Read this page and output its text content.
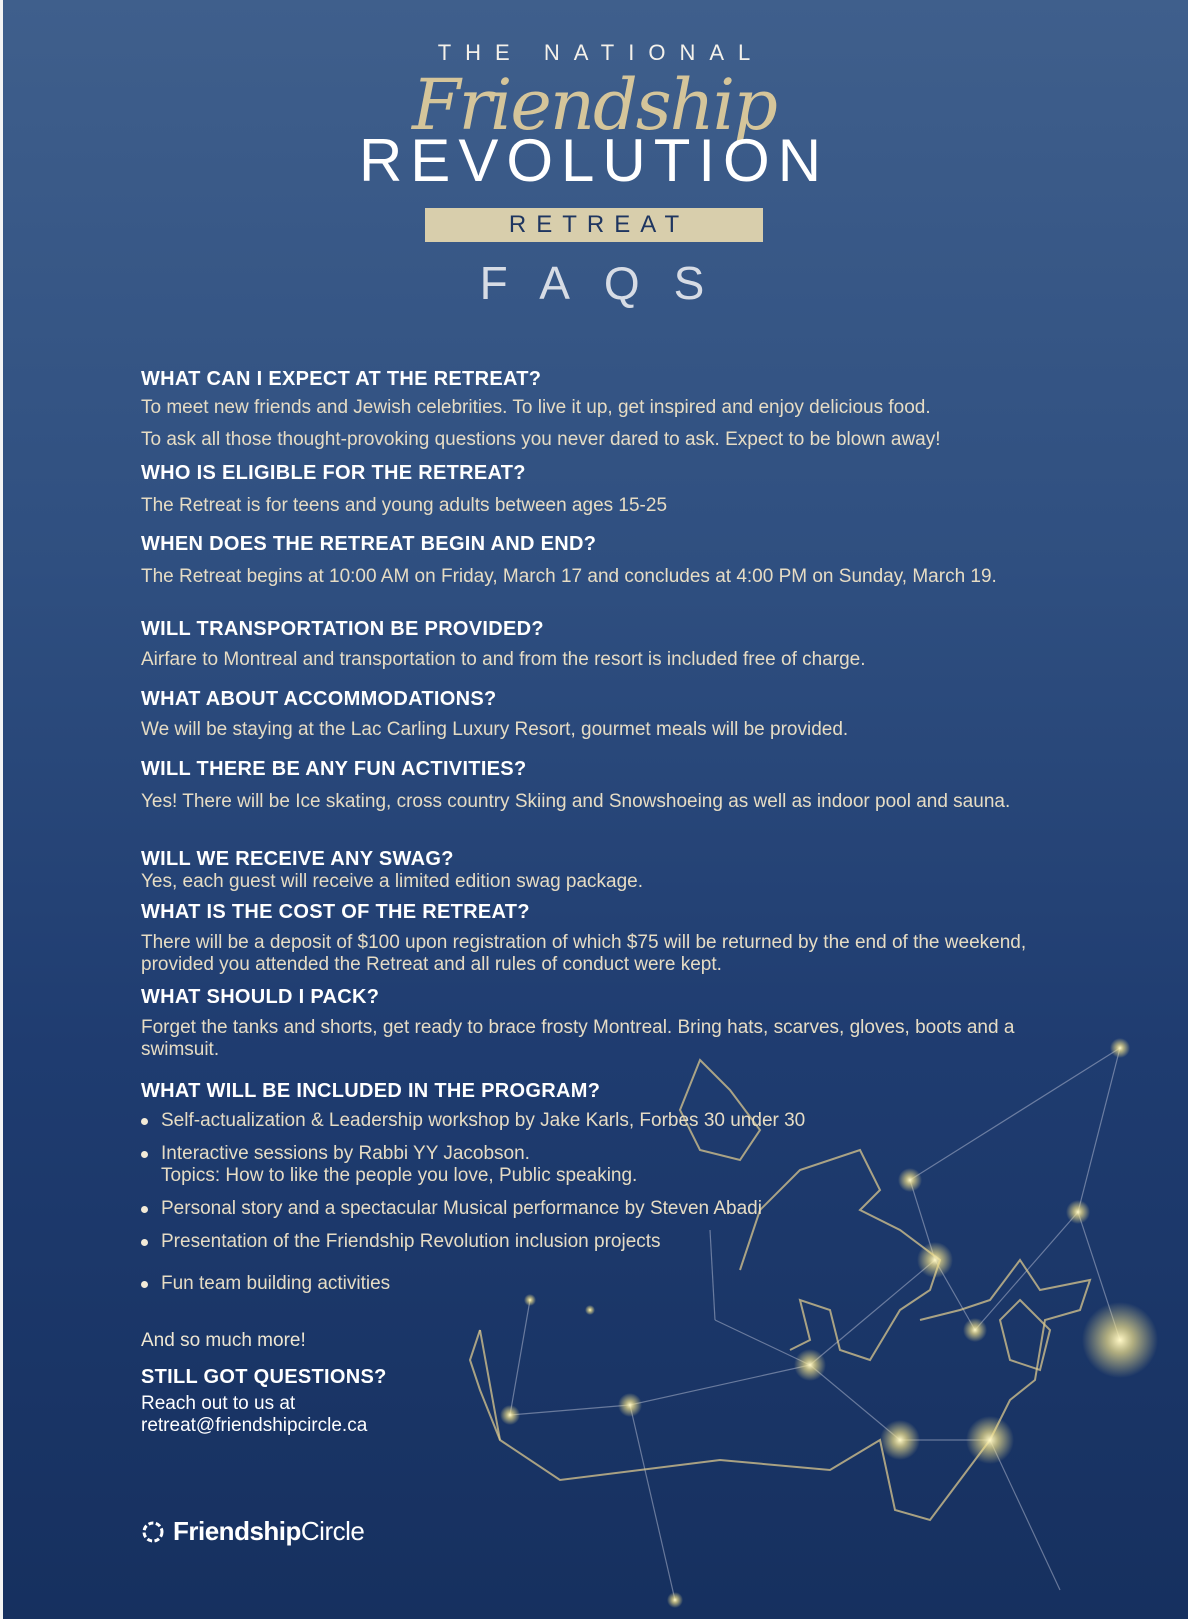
THE NATIONAL
Friendship
REVOLUTION
RETREAT
FAQS
WHAT CAN I EXPECT AT THE RETREAT?
To meet new friends and Jewish celebrities. To live it up, get inspired and enjoy delicious food.
To ask all those thought-provoking questions you never dared to ask. Expect to be blown away!
WHO IS ELIGIBLE FOR THE RETREAT?
The Retreat is for teens and young adults between ages 15-25
WHEN DOES THE RETREAT BEGIN AND END?
The Retreat begins at 10:00 AM on Friday, March 17 and concludes at 4:00 PM on Sunday, March 19.
WILL TRANSPORTATION BE PROVIDED?
Airfare to Montreal and transportation to and from the resort is included free of charge.
WHAT ABOUT ACCOMMODATIONS?
We will be staying at the Lac Carling Luxury Resort, gourmet meals will be provided.
WILL THERE BE ANY FUN ACTIVITIES?
Yes! There will be Ice skating, cross country Skiing and Snowshoeing as well as indoor pool and sauna.
WILL WE RECEIVE ANY SWAG?
Yes, each guest will receive a limited edition swag package.
WHAT IS THE COST OF THE RETREAT?
There will be a deposit of $100 upon registration of which $75 will be returned by the end of the weekend, provided you attended the Retreat and all rules of conduct were kept.
WHAT SHOULD I PACK?
Forget the tanks and shorts, get ready to brace frosty Montreal. Bring hats, scarves, gloves, boots and a swimsuit.
WHAT WILL BE INCLUDED IN THE PROGRAM?
Self-actualization & Leadership workshop by Jake Karls, Forbes 30 under 30
Interactive sessions by Rabbi YY Jacobson.
Topics: How to like the people you love, Public speaking.
Personal story and a spectacular Musical performance by Steven Abadi
Presentation of the Friendship Revolution inclusion projects
Fun team building activities
And so much more!
STILL GOT QUESTIONS?
Reach out to us at
retreat@friendshipcircle.ca
FriendshipCircle
